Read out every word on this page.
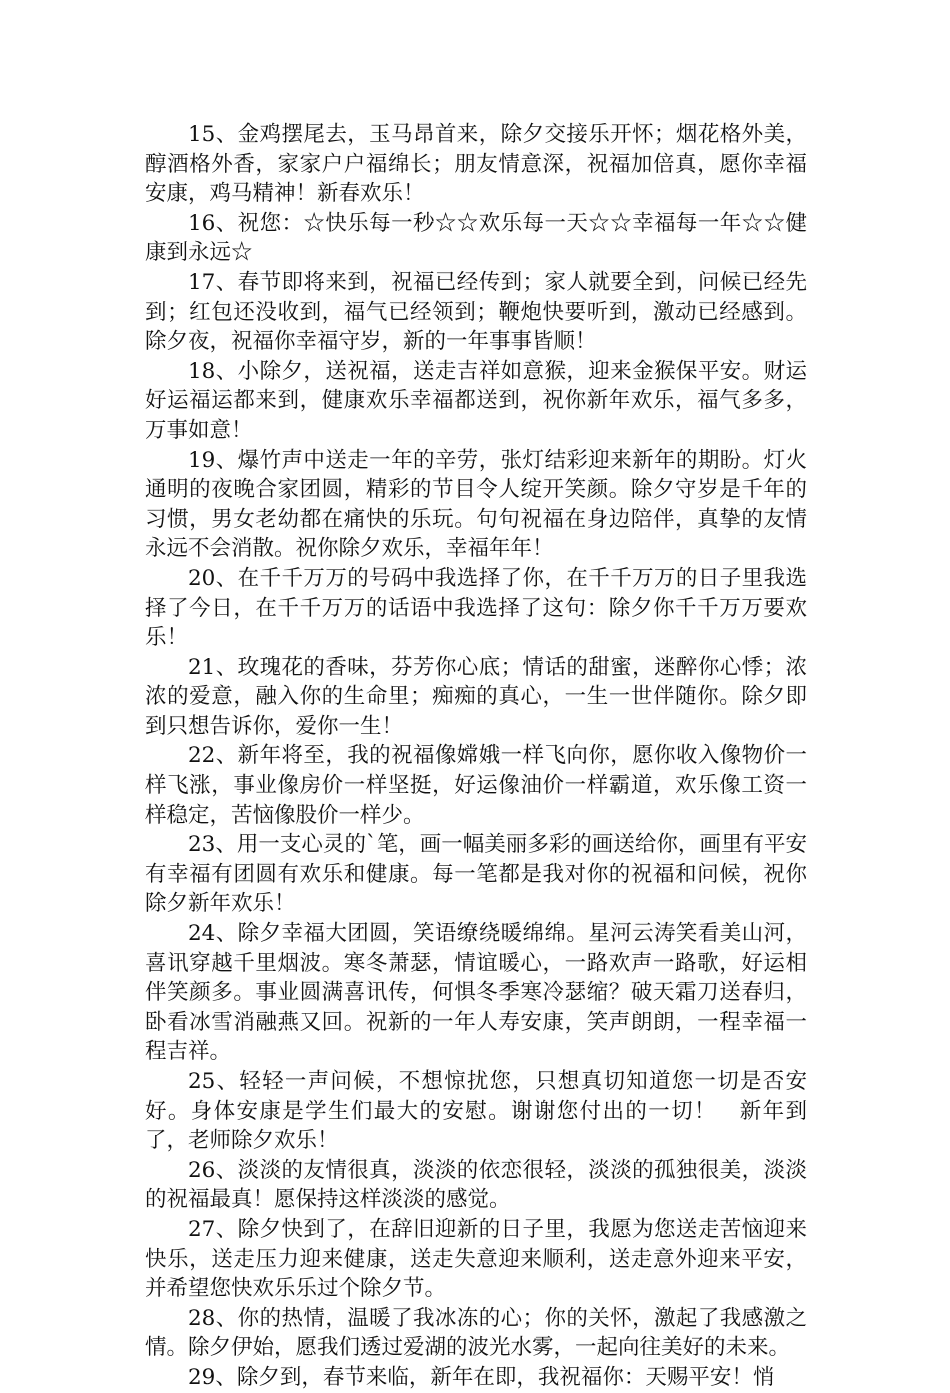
15、金鸡摆尾去，玉马昂首来，除夕交接乐开怀；烟花格外美，醇酒格外香，家家户户福绵长；朋友情意深，祝福加倍真，愿你幸福安康，鸡马精神！新春欢乐！

16、祝您：☆快乐每一秒☆☆欢乐每一天☆☆幸福每一年☆☆健康到永远☆

17、春节即将来到，祝福已经传到；家人就要全到，问候已经先到；红包还没收到，福气已经领到；鞭炮快要听到，激动已经感到。除夕夜，祝福你幸福守岁，新的一年事事皆顺！

18、小除夕，送祝福，送走吉祥如意猴，迎来金猴保平安。财运好运福运都来到，健康欢乐幸福都送到，祝你新年欢乐，福气多多，万事如意！

19、爆竹声中送走一年的辛劳，张灯结彩迎来新年的期盼。灯火通明的夜晚合家团圆，精彩的节目令人绽开笑颜。除夕守岁是千年的习惯，男女老幼都在痛快的乐玩。句句祝福在身边陪伴，真挚的友情永远不会消散。祝你除夕欢乐，幸福年年！

20、在千千万万的号码中我选择了你，在千千万万的日子里我选择了今日，在千千万万的话语中我选择了这句：除夕你千千万万要欢乐！

21、玫瑰花的香味，芬芳你心底；情话的甜蜜，迷醉你心悸；浓浓的爱意，融入你的生命里；痴痴的真心，一生一世伴随你。除夕即到只想告诉你，爱你一生！

22、新年将至，我的祝福像嫦娥一样飞向你，愿你收入像物价一样飞涨，事业像房价一样坚挺，好运像油价一样霸道，欢乐像工资一样稳定，苦恼像股价一样少。

23、用一支心灵的`笔，画一幅美丽多彩的画送给你，画里有平安有幸福有团圆有欢乐和健康。每一笔都是我对你的祝福和问候，祝你除夕新年欢乐！

24、除夕幸福大团圆，笑语缭绕暖绵绵。星河云涛笑看美山河，喜讯穿越千里烟波。寒冬萧瑟，情谊暖心，一路欢声一路歌，好运相伴笑颜多。事业圆满喜讯传，何惧冬季寒冷瑟缩？破天霜刀送春归，卧看冰雪消融燕又回。祝新的一年人寿安康，笑声朗朗，一程幸福一程吉祥。

25、轻轻一声问候，不想惊扰您，只想真切知道您一切是否安好。身体安康是学生们最大的安慰。谢谢您付出的一切！　新年到了，老师除夕欢乐！

26、淡淡的友情很真，淡淡的依恋很轻，淡淡的孤独很美，淡淡的祝福最真！愿保持这样淡淡的感觉。

27、除夕快到了，在辞旧迎新的日子里，我愿为您送走苦恼迎来快乐，送走压力迎来健康，送走失意迎来顺利，送走意外迎来平安，并希望您快欢乐乐过个除夕节。

28、你的热情，温暖了我冰冻的心；你的关怀，激起了我感激之情。除夕伊始，愿我们透过爱湖的波光水雾，一起向往美好的未来。

29、除夕到，春节来临，新年在即，我祝福你：天赐平安！悄
